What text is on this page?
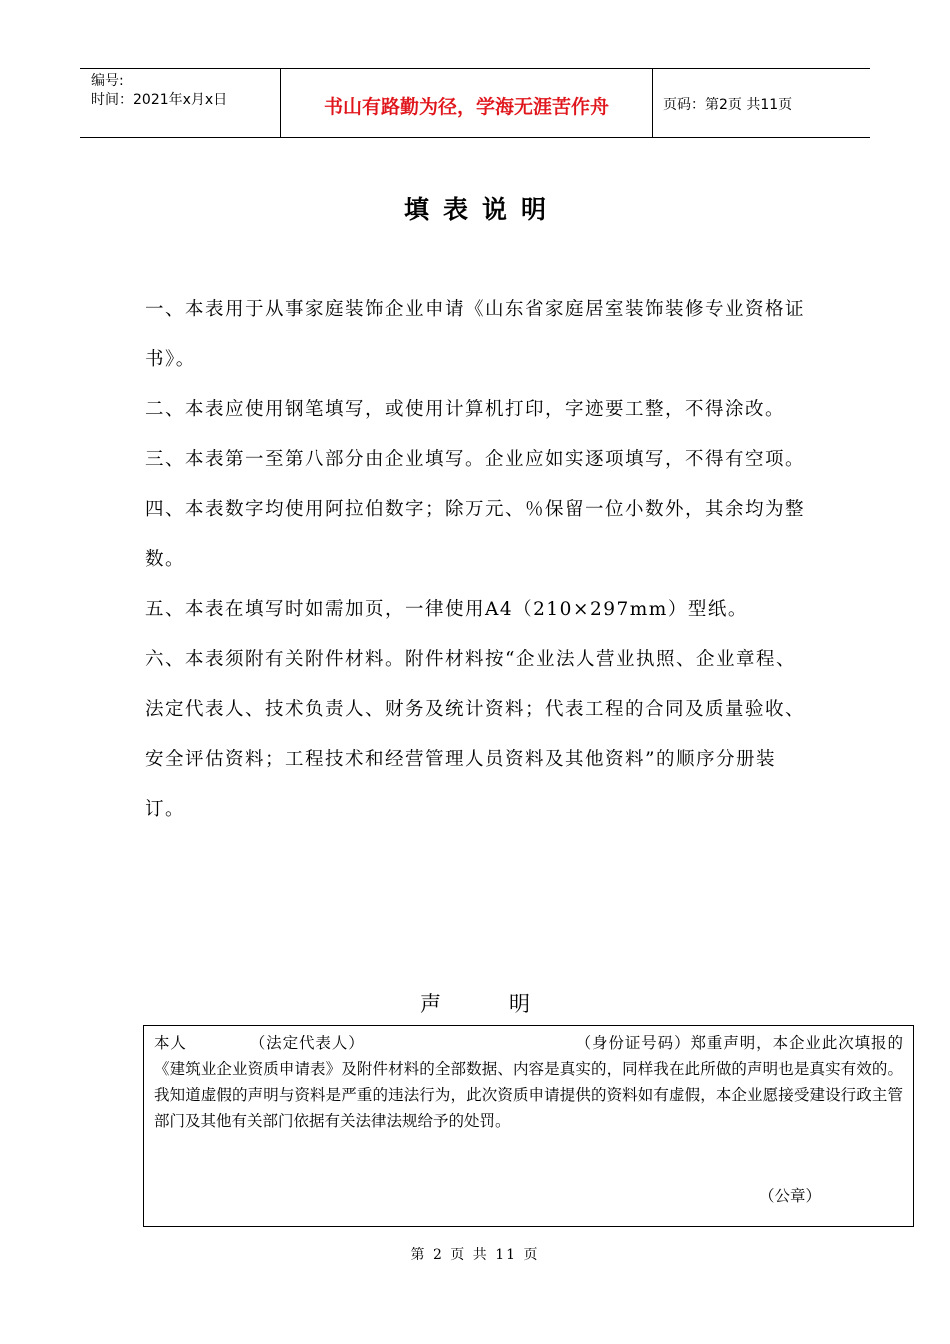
编号:
时间：2021年x月x日	书山有路勤为径，学海无涯苦作舟	页码：第2页 共11页
填表说明

一、本表用于从事家庭装饰企业申请《山东省家庭居室装饰装修专业资格证书》。

二、本表应使用钢笔填写，或使用计算机打印，字迹要工整，不得涂改。

三、本表第一至第八部分由企业填写。企业应如实逐项填写，不得有空项。

四、本表数字均使用阿拉伯数字；除万元、％保留一位小数外，其余均为整数。

五、本表在填写时如需加页，一律使用A4（210×297mm）型纸。

六、本表须附有关附件材料。附件材料按“企业法人营业执照、企业章程、法定代表人、技术负责人、财务及统计资料；代表工程的合同及质量验收、安全评估资料；工程技术和经营管理人员资料及其他资料”的顺序分册装订。

声明

本人	（法定代表人）	（身份证号码）郑重声明，本企业此次填报的《建筑业企业资质申请表》及附件材料的全部数据、内容是真实的，同样我在此所做的声明也是真实有效的。我知道虚假的声明与资料是严重的违法行为，此次资质申请提供的资料如有虚假，本企业愿接受建设行政主管部门及其他有关部门依据有关法律法规给予的处罚。

（公章）
第 2 页 共 11 页
